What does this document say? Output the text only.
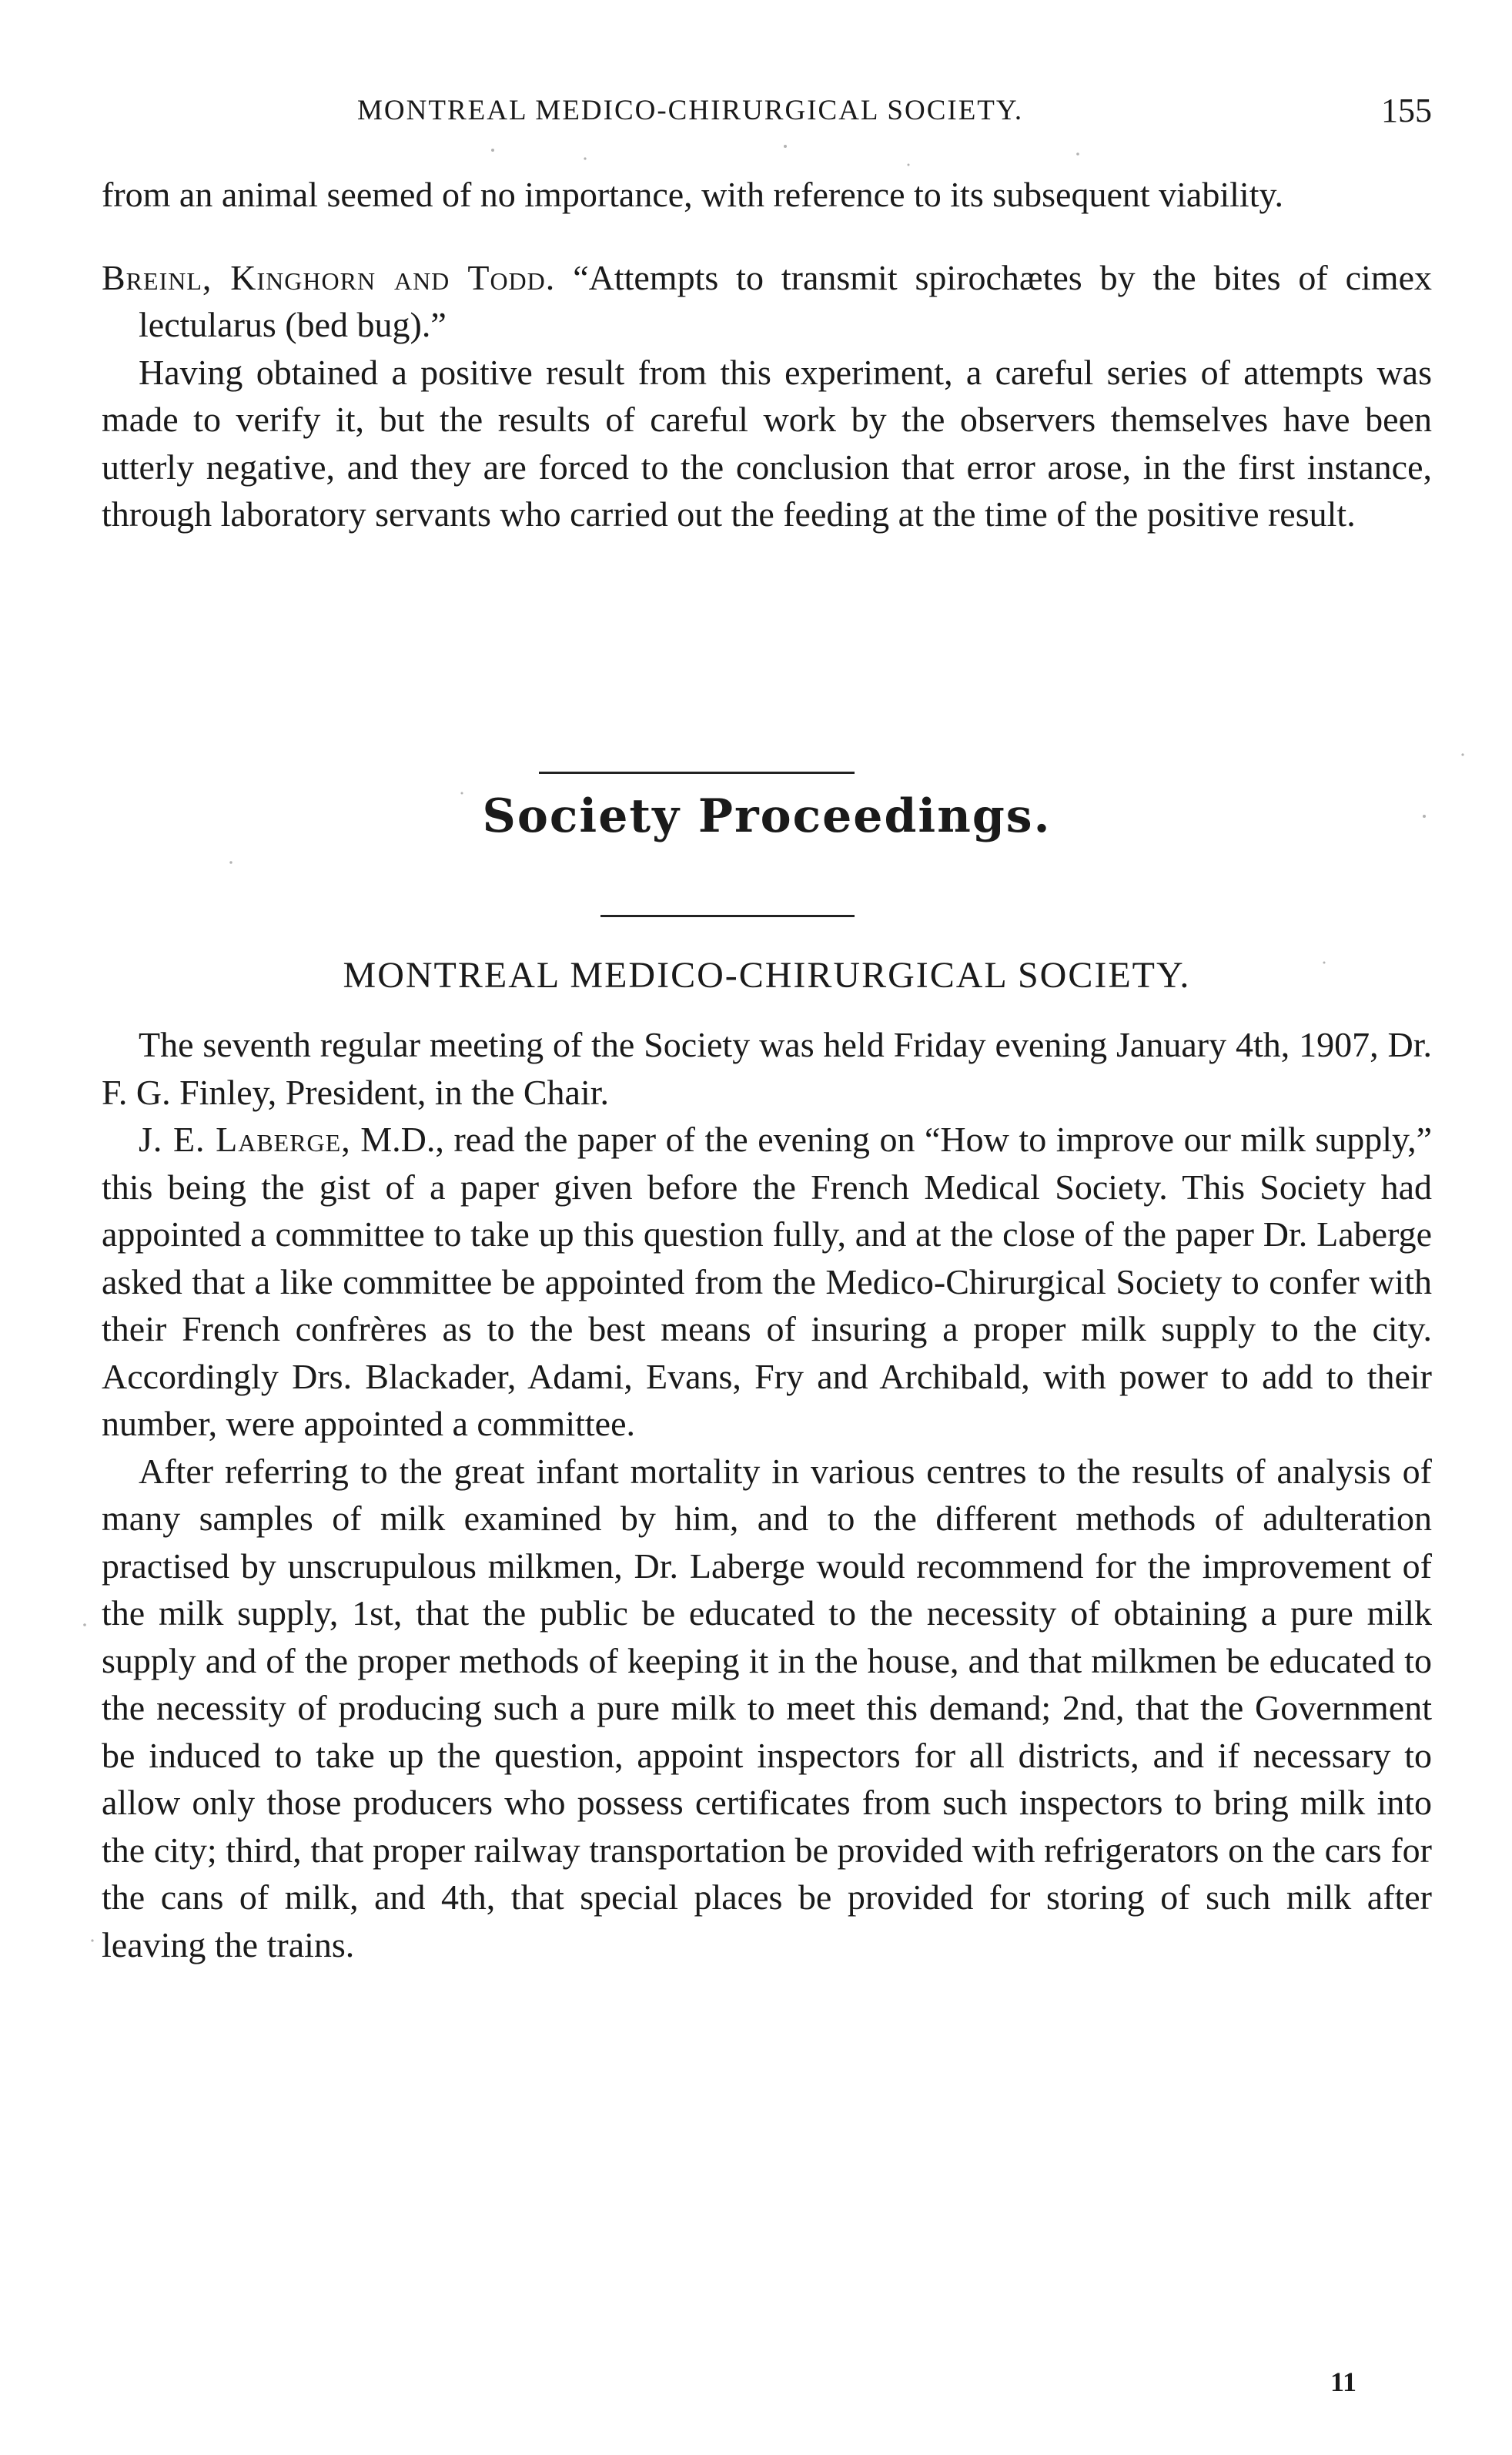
MONTREAL MEDICO-CHIRURGICAL SOCIETY.	155

from an animal seemed of no importance, with reference to its subsequent viability.

Breinl, Kinghorn and Todd. “Attempts to transmit spirochætes by the bites of cimex lectularus (bed bug).”

Having obtained a positive result from this experiment, a careful series of attempts was made to verify it, but the results of careful work by the observers themselves have been utterly negative, and they are forced to the conclusion that error arose, in the first instance, through laboratory servants who carried out the feeding at the time of the positive result.

Society Proceedings.
MONTREAL MEDICO-CHIRURGICAL SOCIETY.

The seventh regular meeting of the Society was held Friday evening January 4th, 1907, Dr. F. G. Finley, President, in the Chair.

J. E. Laberge, M.D., read the paper of the evening on “How to improve our milk supply,” this being the gist of a paper given before the French Medical Society. This Society had appointed a committee to take up this question fully, and at the close of the paper Dr. Laberge asked that a like committee be appointed from the Medico-Chirurgical Society to confer with their French confrères as to the best means of insuring a proper milk supply to the city. Accordingly Drs. Blackader, Adami, Evans, Fry and Archibald, with power to add to their number, were appointed a committee.

After referring to the great infant mortality in various centres to the results of analysis of many samples of milk examined by him, and to the different methods of adulteration practised by unscrupulous milkmen, Dr. Laberge would recommend for the improvement of the milk supply, 1st, that the public be educated to the necessity of obtaining a pure milk supply and of the proper methods of keeping it in the house, and that milkmen be educated to the necessity of producing such a pure milk to meet this demand; 2nd, that the Government be induced to take up the question, appoint inspectors for all districts, and if necessary to allow only those producers who possess certificates from such inspectors to bring milk into the city; third, that proper railway transportation be provided with refrigerators on the cars for the cans of milk, and 4th, that special places be provided for storing of such milk after leaving the trains.

11
